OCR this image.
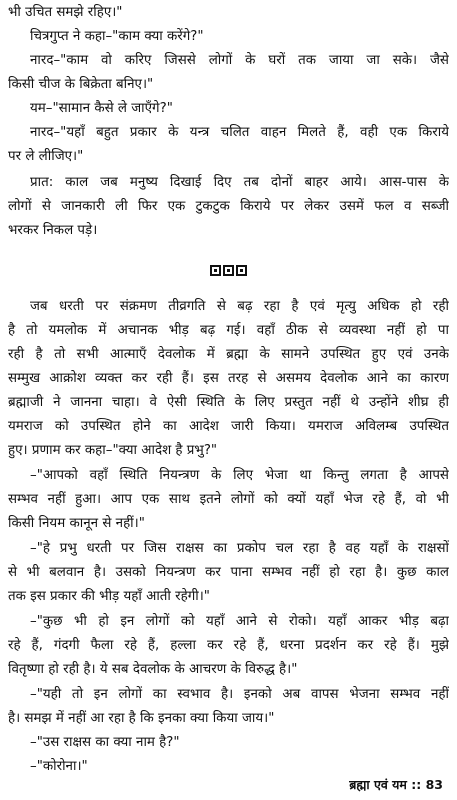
भी उचित समझे रहिए।"
चित्रगुप्त ने कहा–"काम क्या करेंगे?"
नारद–"काम वो करिए जिससे लोगों के घरों तक जाया जा सके। जैसे
किसी चीज के बिक्रेता बनिए।"
यम–"सामान कैसे ले जाएँगे?"
नारद–"यहाँ बहुत प्रकार के यन्त्र चलित वाहन मिलते हैं, वही एक किराये
पर ले लीजिए।"
प्रात: काल जब मनुष्य दिखाई दिए तब दोनों बाहर आये। आस-पास के
लोगों से जानकारी ली फिर एक टुकटुक किराये पर लेकर उसमें फल व सब्जी
भरकर निकल पड़े।
जब धरती पर संक्रमण तीव्रगति से बढ़ रहा है एवं मृत्यु अधिक हो रही
है तो यमलोक में अचानक भीड़ बढ़ गई। वहाँ ठीक से व्यवस्था नहीं हो पा
रही है तो सभी आत्माएँ देवलोक में ब्रह्मा के सामने उपस्थित हुए एवं उनके
सम्मुख आक्रोश व्यक्त कर रही हैं। इस तरह से असमय देवलोक आने का कारण
ब्रह्माजी ने जानना चाहा। वे ऐसी स्थिति के लिए प्रस्तुत नहीं थे उन्होंने शीघ्र ही
यमराज को उपस्थित होने का आदेश जारी किया। यमराज अविलम्ब उपस्थित
हुए। प्रणाम कर कहा–"क्या आदेश है प्रभु?"
–"आपको वहाँ स्थिति नियन्त्रण के लिए भेजा था किन्तु लगता है आपसे
सम्भव नहीं हुआ। आप एक साथ इतने लोगों को क्यों यहाँ भेज रहे हैं, वो भी
किसी नियम कानून से नहीं।"
–"हे प्रभु धरती पर जिस राक्षस का प्रकोप चल रहा है वह यहाँ के राक्षसों
से भी बलवान है। उसको नियन्त्रण कर पाना सम्भव नहीं हो रहा है। कुछ काल
तक इस प्रकार की भीड़ यहाँ आती रहेगी।"
–"कुछ भी हो इन लोगों को यहाँ आने से रोको। यहाँ आकर भीड़ बढ़ा
रहे हैं, गंदगी फैला रहे हैं, हल्ला कर रहे हैं, धरना प्रदर्शन कर रहे हैं। मुझे
वितृष्णा हो रही है। ये सब देवलोक के आचरण के विरुद्ध है।"
–"यही तो इन लोगों का स्वभाव है। इनको अब वापस भेजना सम्भव नहीं
है। समझ में नहीं आ रहा है कि इनका क्या किया जाय।"
–"उस राक्षस का क्या नाम है?"
–"कोरोना।"
ब्रह्मा एवं यम :: 83
